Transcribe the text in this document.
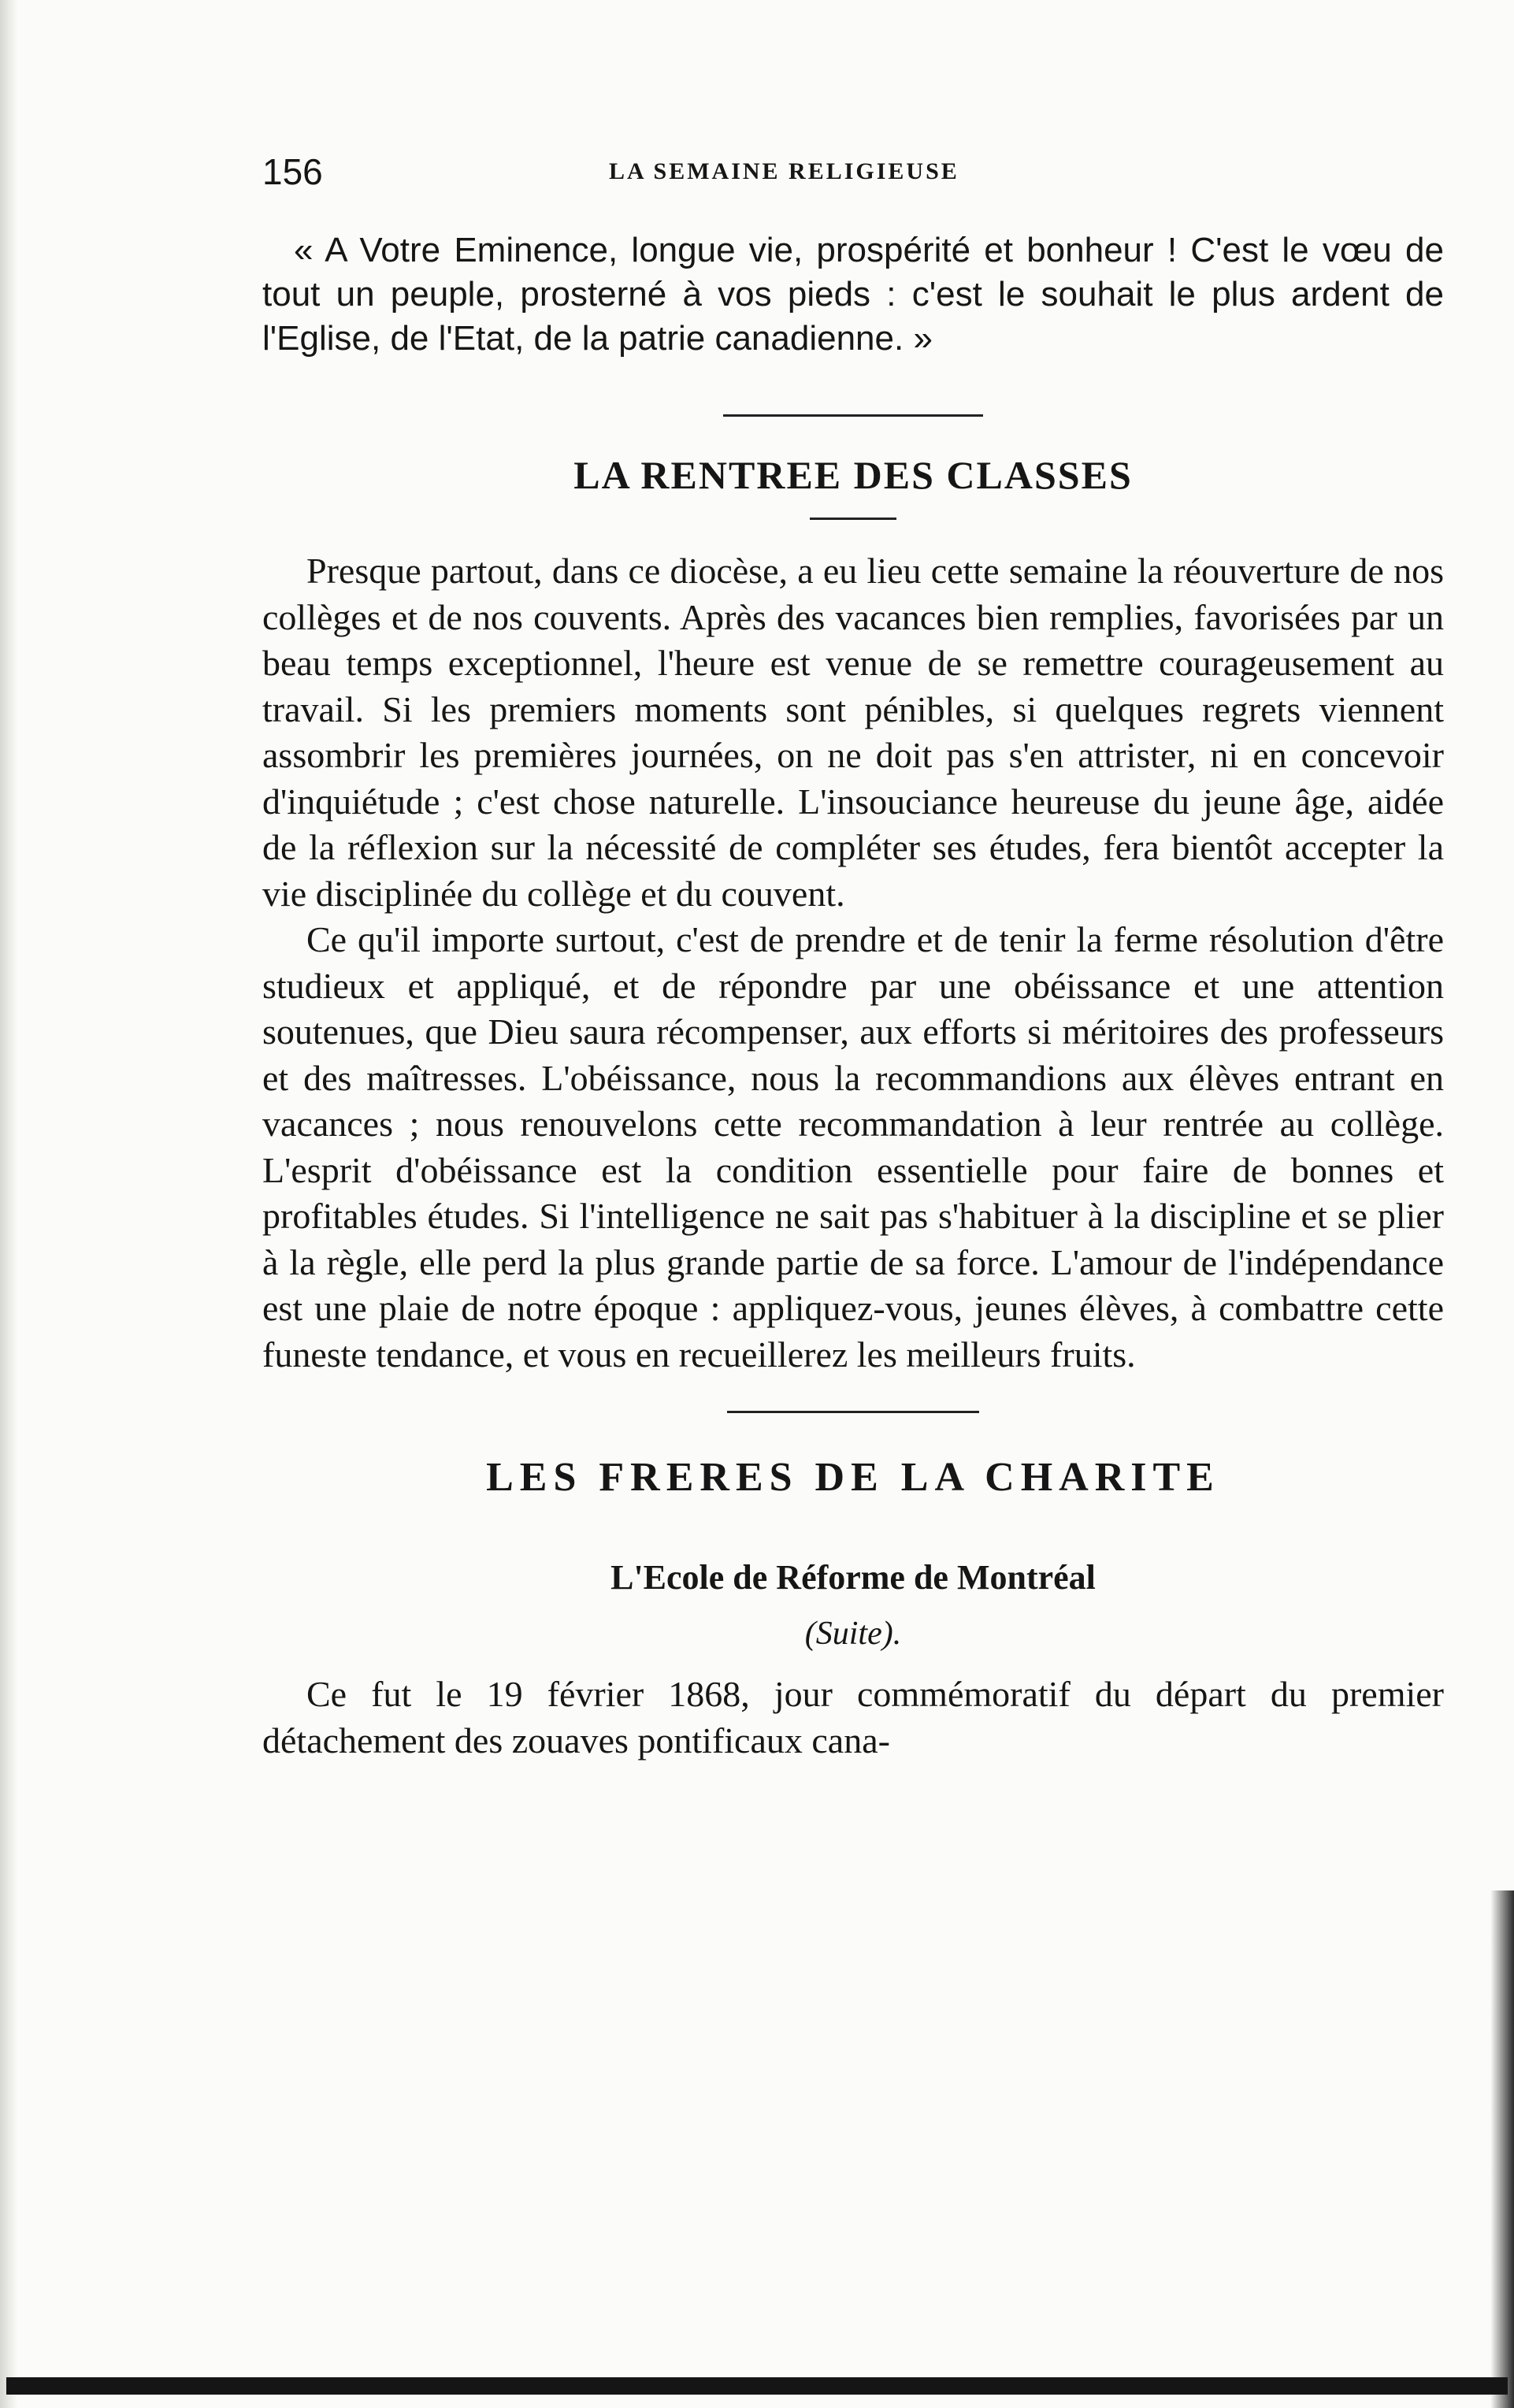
156	LA SEMAINE RELIGIEUSE

« A Votre Eminence, longue vie, prospérité et bonheur ! C'est le vœu de tout un peuple, prosterné à vos pieds : c'est le souhait le plus ardent de l'Eglise, de l'Etat, de la patrie canadienne. »

LA RENTREE DES CLASSES

Presque partout, dans ce diocèse, a eu lieu cette semaine la réouverture de nos collèges et de nos couvents. Après des vacances bien remplies, favorisées par un beau temps exceptionnel, l'heure est venue de se remettre courageusement au travail. Si les premiers moments sont pénibles, si quelques regrets viennent assombrir les premières journées, on ne doit pas s'en attrister, ni en concevoir d'inquiétude ; c'est chose naturelle. L'insouciance heureuse du jeune âge, aidée de la réflexion sur la nécessité de compléter ses études, fera bientôt accepter la vie disciplinée du collège et du couvent.

Ce qu'il importe surtout, c'est de prendre et de tenir la ferme résolution d'être studieux et appliqué, et de répondre par une obéissance et une attention soutenues, que Dieu saura récompenser, aux efforts si méritoires des professeurs et des maîtresses. L'obéissance, nous la recommandions aux élèves entrant en vacances ; nous renouvelons cette recommandation à leur rentrée au collège. L'esprit d'obéissance est la condition essentielle pour faire de bonnes et profitables études. Si l'intelligence ne sait pas s'habituer à la discipline et se plier à la règle, elle perd la plus grande partie de sa force. L'amour de l'indépendance est une plaie de notre époque : appliquez-vous, jeunes élèves, à combattre cette funeste tendance, et vous en recueillerez les meilleurs fruits.

LES FRERES DE LA CHARITE
L'Ecole de Réforme de Montréal

(Suite).

Ce fut le 19 février 1868, jour commémoratif du départ du premier détachement des zouaves pontificaux cana-
